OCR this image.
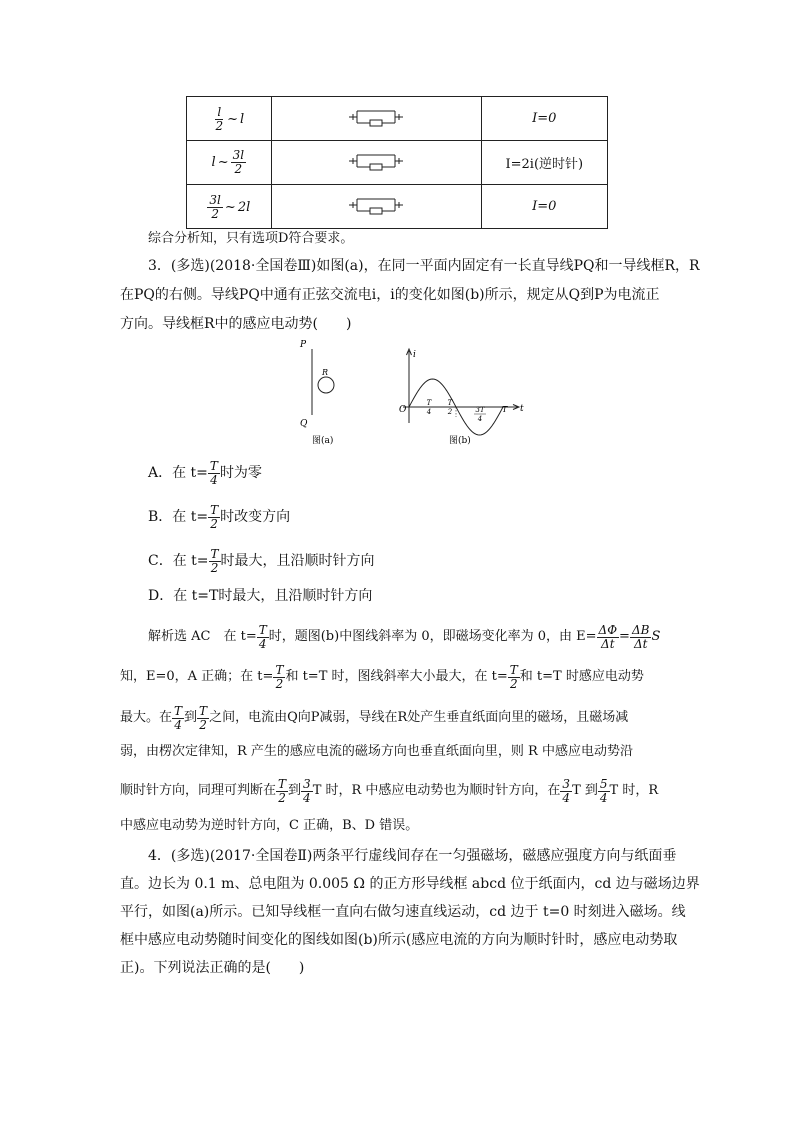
$\frac{l}{2}$ ~ l		I=0

l ~ $\frac{3l}{2}$		I=2i(逆时针)

$\frac{3l}{2}$ ~ 2l		I=0
综合分析知，只有选项D符合要求。
3．(多选)(2018·全国卷Ⅲ)如图(a)，在同一平面内固定有一长直导线PQ和一导线框R，R
在PQ的右侧。导线PQ中通有正弦交流电i，i的变化如图(b)所示，规定从Q到P为电流正
方向。导线框R中的感应电动势(　　)
P
Q
R
图(a)
i
O	t
T
T
4
T
2	3T
4
图(b)
A．在 $t= \frac{T}{4}$ 时为零
B．在 $t= \frac{T}{2}$ 时改变方向
C．在 $t= \frac{T}{2}$ 时最大，且沿顺时针方向
D．在 t=T时最大，且沿顺时针方向
解析选 AC　在 $t= \frac{T}{4}$ 时，题图(b)中图线斜率为 0，即磁场变化率为 0，由 $E= \frac{\Delta\Phi}{\Delta t} = \frac{\Delta B}{\Delta t}$ S
知，E=0，A 正确；在 $t= \frac{T}{2}$ 和 t=T 时，图线斜率大小最大，在 $t= \frac{T}{2}$ 和 t=T 时感应电动势
最大。在 $\frac{T}{4}$ 到 $\frac{T}{2}$ 之间，电流由Q向P减弱，导线在R处产生垂直纸面向里的磁场，且磁场减
弱，由楞次定律知，R 产生的感应电流的磁场方向也垂直纸面向里，则 R 中感应电动势沿
顺时针方向，同理可判断在 $\frac{T}{2}$ 到 $\frac{3}{4}$ T 时，R 中感应电动势也为顺时针方向，在 $\frac{3}{4}$ T 到 $\frac{5}{4}$ T 时，R
中感应电动势为逆时针方向，C 正确，B、D 错误。
4．(多选)(2017·全国卷Ⅱ)两条平行虚线间存在一匀强磁场，磁感应强度方向与纸面垂
直。边长为 0.1 m、总电阻为 0.005 Ω 的正方形导线框 abcd 位于纸面内，cd 边与磁场边界
平行，如图(a)所示。已知导线框一直向右做匀速直线运动，cd 边于 t=0 时刻进入磁场。线
框中感应电动势随时间变化的图线如图(b)所示(感应电流的方向为顺时针时，感应电动势取
正)。下列说法正确的是(　　)
